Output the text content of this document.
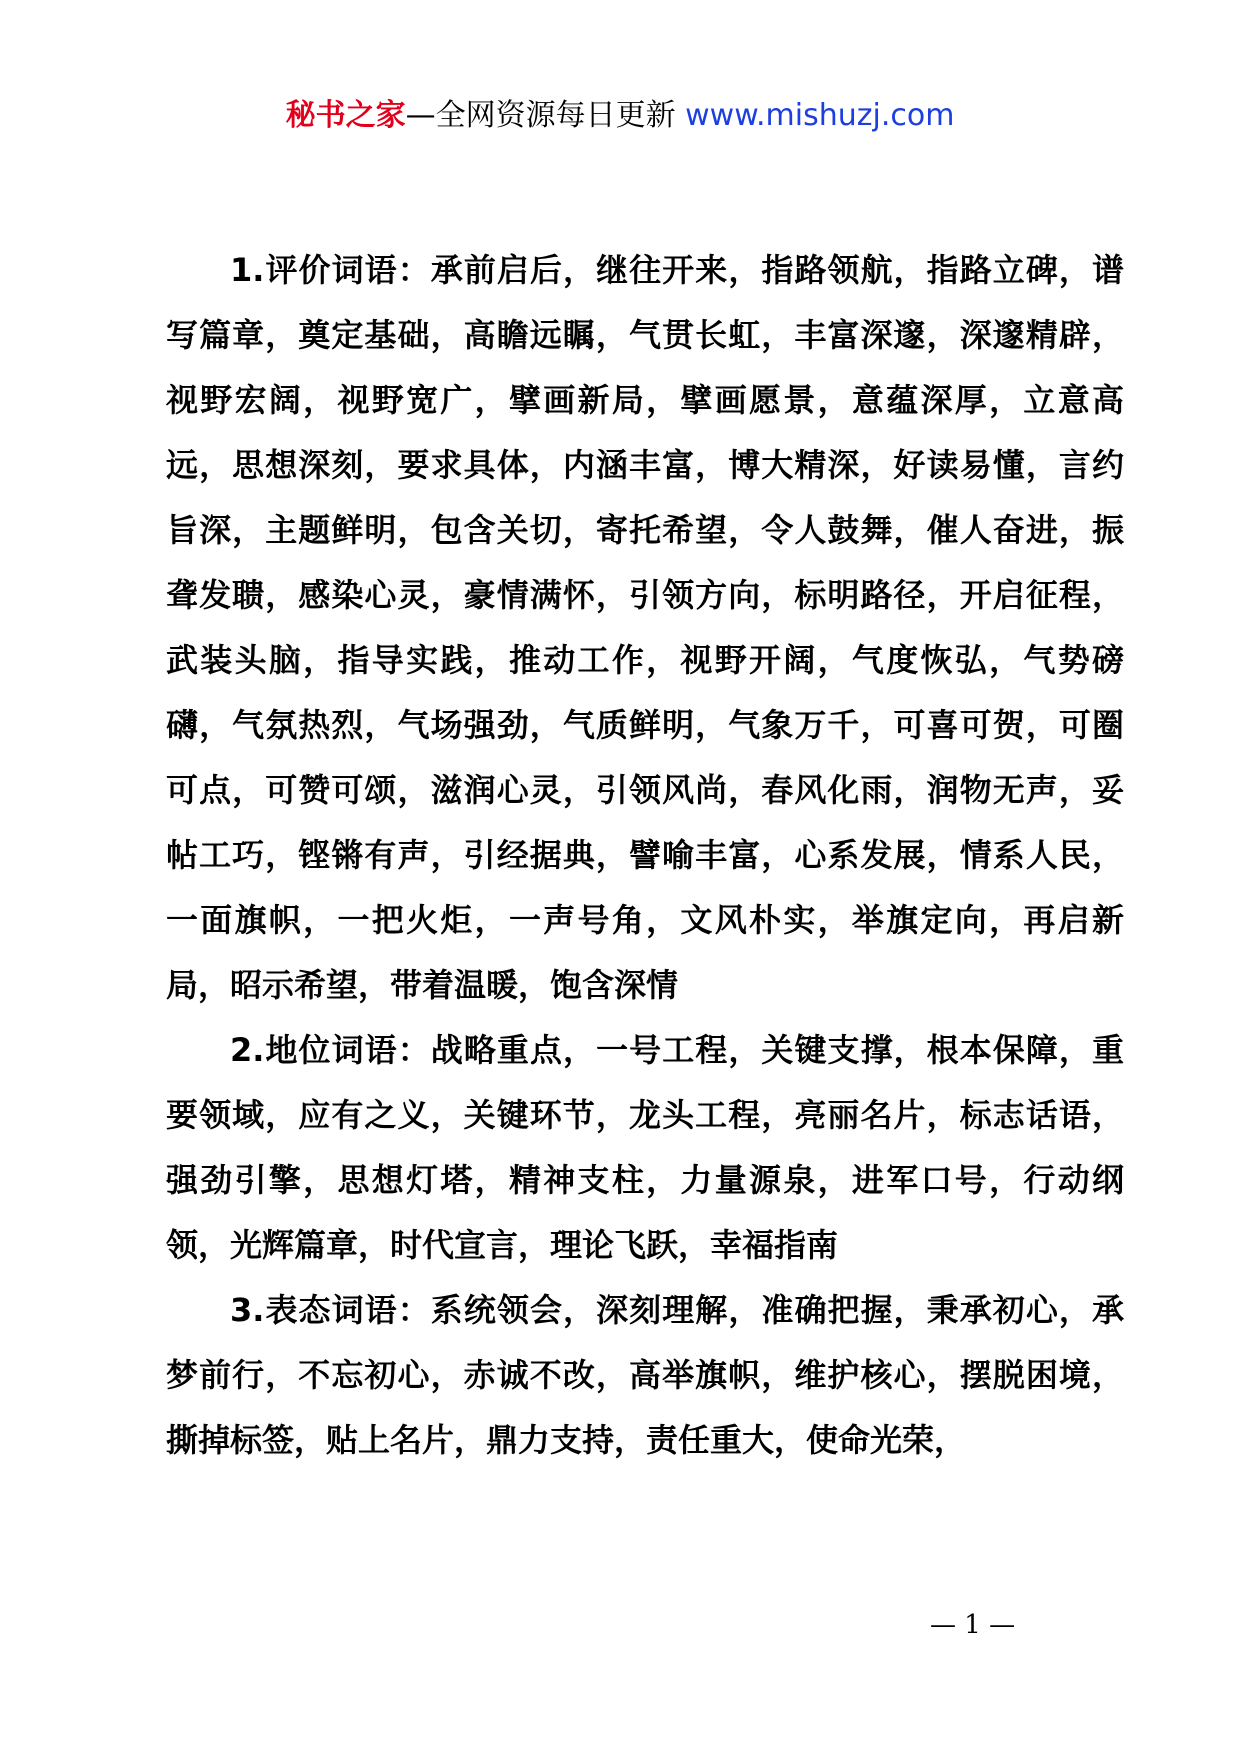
秘书之家—全网资源每日更新 www.mishuzj.com

1.评价词语：承前启后，继往开来，指路领航，指路立碑，谱写篇章，奠定基础，高瞻远瞩，气贯长虹，丰富深邃，深邃精辟，视野宏阔，视野宽广，擘画新局，擘画愿景，意蕴深厚，立意高远，思想深刻，要求具体，内涵丰富，博大精深，好读易懂，言约旨深，主题鲜明，包含关切，寄托希望，令人鼓舞，催人奋进，振聋发聩，感染心灵，豪情满怀，引领方向，标明路径，开启征程，武装头脑，指导实践，推动工作，视野开阔，气度恢弘，气势磅礴，气氛热烈，气场强劲，气质鲜明，气象万千，可喜可贺，可圈可点，可赞可颂，滋润心灵，引领风尚，春风化雨，润物无声，妥帖工巧，铿锵有声，引经据典，譬喻丰富，心系发展，情系人民，一面旗帜，一把火炬，一声号角，文风朴实，举旗定向，再启新局，昭示希望，带着温暖，饱含深情

2.地位词语：战略重点，一号工程，关键支撑，根本保障，重要领域，应有之义，关键环节，龙头工程，亮丽名片，标志话语，强劲引擎，思想灯塔，精神支柱，力量源泉，进军口号，行动纲领，光辉篇章，时代宣言，理论飞跃，幸福指南

3.表态词语：系统领会，深刻理解，准确把握，秉承初心，承梦前行，不忘初心，赤诚不改，高举旗帜，维护核心，摆脱困境，撕掉标签，贴上名片，鼎力支持，责任重大，使命光荣，

— 1 —
